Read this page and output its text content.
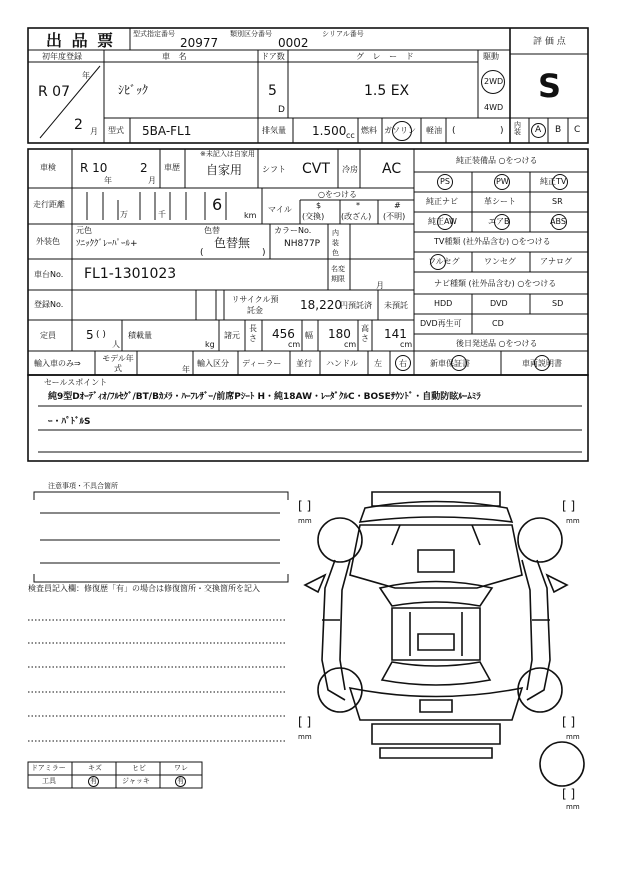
出 品 票	型式指定番号
20977
類別区分番号
0002
シリアル番号
評 価 点
S
初年度登録
年
R 07
2 月
車 名
ｼﾋﾞｯｸ
ドア数
5
D
グ レ ー ド
1.5 EX
駆動
2WD
4WD
型式 5BA-FL1	排気量 1.500 cc
燃料 ガソリン 軽油 (	)
内装	A B C
車検 R 10
年
2
月
車歴
※未記入は自家用
自家用 シフト CVT 冷房 AC
走行距離
万	千
6
km
マイル
○をつける
$
(交換)
*
(改ざん)
#
(不明)
外装色
元色
ｿﾆｯｸｸﾞﾚｰﾊﾟｰﾙ+
色替
色替無
(	)
カラーNo.
NH877P
内装色
車台No. FL1-1301023	名変期限
月
登録No.
リサイクル預託金	18,220
円預託済 未預託
定員	5 ( )
人
積載量
kg
諸元
長さ 456
cm
幅 180
cm
高さ 141
cm
輸入車のみ⇒
モデル年式	年
輸入区分 ディーラー 並行 ハンドル 左 右
純正装備品 ○をつける
PS	PW	純正TV
純正ナビ	革シート	SR
純正AW	エアB	ABS
TV種類 (社外品含む) ○をつける
フルセグ	ワンセグ	アナログ
ナビ種類 (社外品含む) ○をつける
HDD	DVD	SD
DVD再生可	CD
後日発送品 ○をつける
新車保証書	車両説明書
セールスポイント
純9型Dｵｰﾃﾞｨｵ/ﾌﾙｾｸﾞ/BT/Bｶﾒﾗ・ﾊｰﾌﾚｻﾞｰ/前席Pｼｰﾄ H・純18AW・ﾚｰﾀﾞｸﾙC・BOSEｻｳﾝﾄﾞ・自動防眩ﾙｰﾑﾐﾗ
ｰ・ﾊﾟﾄﾞﾙS
注意事項・不具合箇所
検査員記入欄：修復歴「有」の場合は修復箇所・交換箇所を記入
[ ]
mm
[ ]
mm
[ ]
mm
[ ]
mm
[ ]
mm
ドアミラー	キズ	ヒビ	ワレ
工具	有	ジャッキ	有
